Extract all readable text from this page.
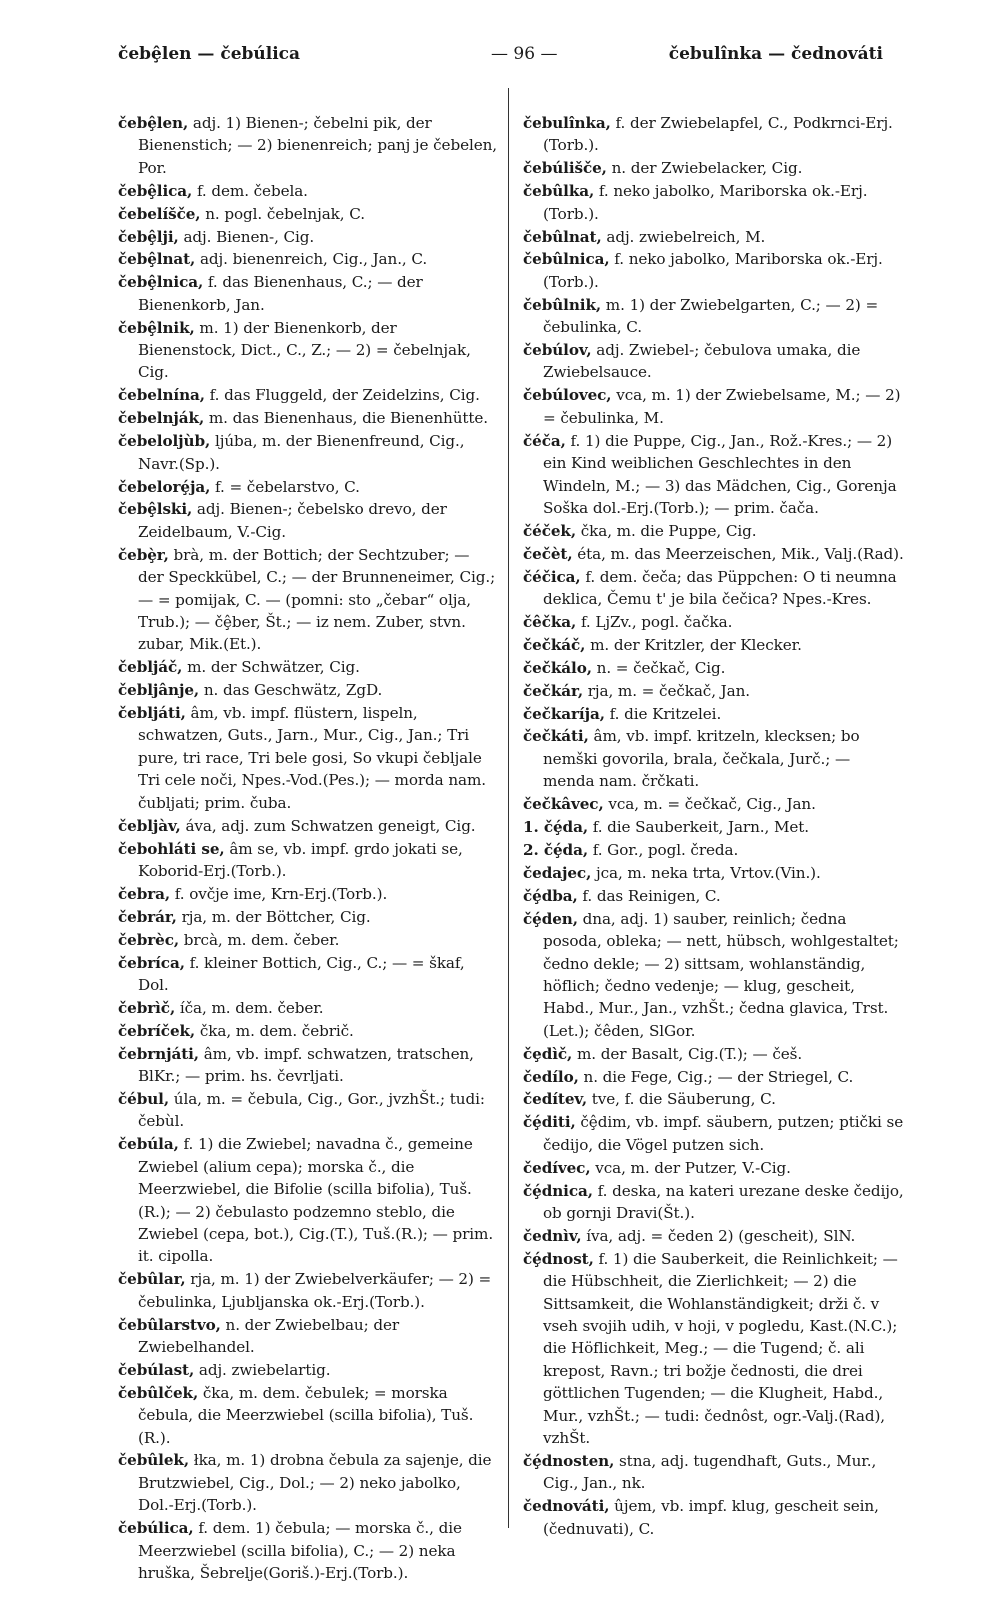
čebȩ̂len — čebúlica	— 96 —	čebulînka — čednováti
čebȩ̂len, adj. 1) Bienen-; čebelni pik, der Bienenstich; — 2) bienenreich; panj je čebelen, Por.
čebȩ̂lica, f. dem. čebela.
čebelíšče, n. pogl. čebelnjak, C.
čebȩ̂lji, adj. Bienen-, Cig.
čebȩ̂lnat, adj. bienenreich, Cig., Jan., C.
čebȩ̂lnica, f. das Bienenhaus, C.; — der Bienenkorb, Jan.
čebȩ̂lnik, m. 1) der Bienenkorb, der Bienenstock, Dict., C., Z.; — 2) = čebelnjak, Cig.
čebelnína, f. das Fluggeld, der Zeidelzins, Cig.
čebelnják, m. das Bienenhaus, die Bienenhütte.
čebeloljùb, ljúba, m. der Bienenfreund, Cig., Navr.(Sp.).
čebelorȩ́ja, f. = čebelarstvo, C.
čebȩ̂lski, adj. Bienen-; čebelsko drevo, der Zeidelbaum, V.-Cig.
čebȩ̀r, brà, m. der Bottich; der Sechtzuber; — der Speckkübel, C.; — der Brunneneimer, Cig.; — = pomijak, C. — (pomni: sto „čebar“ olja, Trub.); — čȩ̂ber, Št.; — iz nem. Zuber, stvn. zubar, Mik.(Et.).
čebljáč, m. der Schwätzer, Cig.
čebljânje, n. das Geschwätz, ZgD.
čebljáti, âm, vb. impf. flüstern, lispeln, schwatzen, Guts., Jarn., Mur., Cig., Jan.; Tri pure, tri race, Tri bele gosi, So vkupi čebljale Tri cele noči, Npes.-Vod.(Pes.); — morda nam. čubljati; prim. čuba.
čebljàv, áva, adj. zum Schwatzen geneigt, Cig.
čebohláti se, âm se, vb. impf. grdo jokati se, Koborid-Erj.(Torb.).
čebra, f. ovčje ime, Krn-Erj.(Torb.).
čebrár, rja, m. der Böttcher, Cig.
čebrèc, brcà, m. dem. čeber.
čebríca, f. kleiner Bottich, Cig., C.; — = škaf, Dol.
čebrìč, íča, m. dem. čeber.
čebríček, čka, m. dem. čebrič.
čebrnjáti, âm, vb. impf. schwatzen, tratschen, BlKr.; — prim. hs. čevrljati.
čébul, úla, m. = čebula, Cig., Gor., jvzhŠt.; tudi: čebùl.
čebúla, f. 1) die Zwiebel; navadna č., gemeine Zwiebel (alium cepa); morska č., die Meerzwiebel, die Bifolie (scilla bifolia), Tuš.(R.); — 2) čebulasto podzemno steblo, die Zwiebel (cepa, bot.), Cig.(T.), Tuš.(R.); — prim. it. cipolla.
čebûlar, rja, m. 1) der Zwiebelverkäufer; — 2) = čebulinka, Ljubljanska ok.-Erj.(Torb.).
čebûlarstvo, n. der Zwiebelbau; der Zwiebelhandel.
čebúlast, adj. zwiebelartig.
čebûlček, čka, m. dem. čebulek; = morska čebula, die Meerzwiebel (scilla bifolia), Tuš.(R.).
čebûlek, łka, m. 1) drobna čebula za sajenje, die Brutzwiebel, Cig., Dol.; — 2) neko jabolko, Dol.-Erj.(Torb.).
čebúlica, f. dem. 1) čebula; — morska č., die Meerzwiebel (scilla bifolia), C.; — 2) neka hruška, Šebrelje(Goriš.)-Erj.(Torb.).
čebulînka, f. der Zwiebelapfel, C., Podkrnci-Erj.(Torb.).
čebúlišče, n. der Zwiebelacker, Cig.
čebûlka, f. neko jabolko, Mariborska ok.-Erj.(Torb.).
čebûlnat, adj. zwiebelreich, M.
čebûlnica, f. neko jabolko, Mariborska ok.-Erj.(Torb.).
čebûlnik, m. 1) der Zwiebelgarten, C.; — 2) = čebulinka, C.
čebúlov, adj. Zwiebel-; čebulova umaka, die Zwiebelsauce.
čebúlovec, vca, m. 1) der Zwiebelsame, M.; — 2) = čebulinka, M.
čéča, f. 1) die Puppe, Cig., Jan., Rož.-Kres.; — 2) ein Kind weiblichen Geschlechtes in den Windeln, M.; — 3) das Mädchen, Cig., Gorenja Soška dol.-Erj.(Torb.); — prim. čača.
čéček, čka, m. die Puppe, Cig.
čečèt, éta, m. das Meerzeischen, Mik., Valj.(Rad).
čéčica, f. dem. čeča; das Püppchen: O ti neumna deklica, Čemu t' je bila čečica? Npes.-Kres.
čêčka, f. LjZv., pogl. čačka.
čečkáč, m. der Kritzler, der Klecker.
čečkálo, n. = čečkač, Cig.
čečkár, rja, m. = čečkač, Jan.
čečkaríja, f. die Kritzelei.
čečkáti, âm, vb. impf. kritzeln, klecksen; bo nemški govorila, brala, čečkala, Jurč.; — menda nam. črčkati.
čečkâvec, vca, m. = čečkač, Cig., Jan.
1. čȩ́da, f. die Sauberkeit, Jarn., Met.
2. čȩ́da, f. Gor., pogl. čreda.
čedajec, jca, m. neka trta, Vrtov.(Vin.).
čȩ́dba, f. das Reinigen, C.
čȩ́den, dna, adj. 1) sauber, reinlich; čedna posoda, obleka; — nett, hübsch, wohlgestaltet; čedno dekle; — 2) sittsam, wohlanständig, höflich; čedno vedenje; — klug, gescheit, Habd., Mur., Jan., vzhŠt.; čedna glavica, Trst.(Let.); čêden, SlGor.
čȩdìč, m. der Basalt, Cig.(T.); — češ.
čedílo, n. die Fege, Cig.; — der Striegel, C.
čedítev, tve, f. die Säuberung, C.
čȩ́diti, čȩ̂dim, vb. impf. säubern, putzen; ptički se čedijo, die Vögel putzen sich.
čedívec, vca, m. der Putzer, V.-Cig.
čȩ́dnica, f. deska, na kateri urezane deske čedijo, ob gornji Dravi(Št.).
čednìv, íva, adj. = čeden 2) (gescheit), SlN.
čȩ́dnost, f. 1) die Sauberkeit, die Reinlichkeit; — die Hübschheit, die Zierlichkeit; — 2) die Sittsamkeit, die Wohlanständigkeit; drži č. v vseh svojih udih, v hoji, v pogledu, Kast.(N.C.); die Höflichkeit, Meg.; — die Tugend; č. ali krepost, Ravn.; tri božje čednosti, die drei göttlichen Tugenden; — die Klugheit, Habd., Mur., vzhŠt.; — tudi: čednôst, ogr.-Valj.(Rad), vzhŠt.
čȩ́dnosten, stna, adj. tugendhaft, Guts., Mur., Cig., Jan., nk.
čednováti, ûjem, vb. impf. klug, gescheit sein, (čednuvati), C.
